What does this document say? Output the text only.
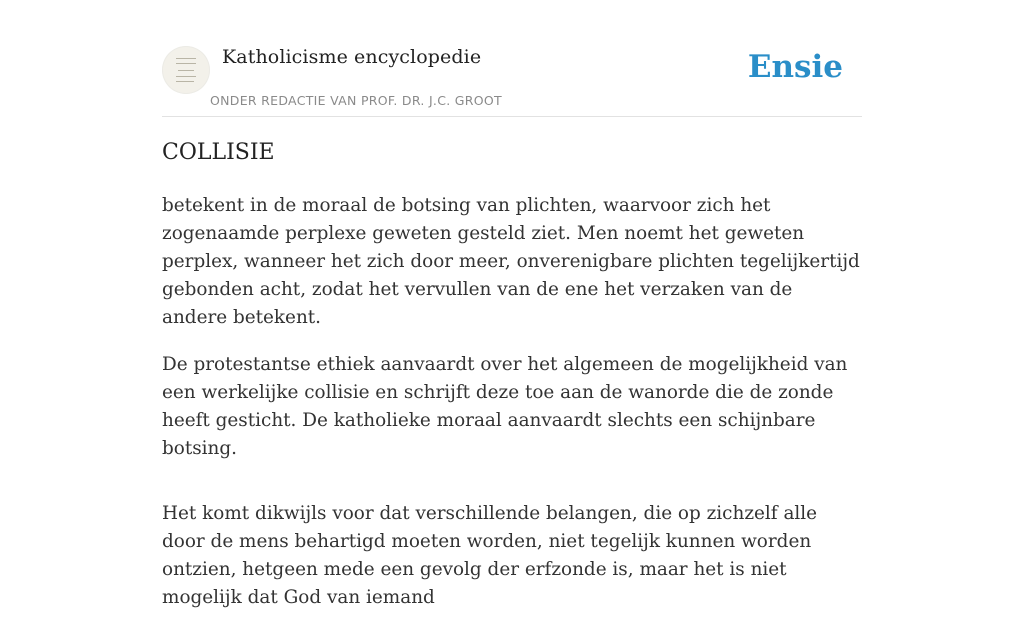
Katholicisme encyclopedie
ONDER REDACTIE VAN PROF. DR. J.C. GROOT
Ensie
COLLISIE

betekent in de moraal de botsing van plichten, waarvoor zich het zogenaamde perplexe geweten gesteld ziet. Men noemt het geweten perplex, wanneer het zich door meer, onverenigbare plichten tegelijkertijd gebonden acht, zodat het vervullen van de ene het verzaken van de andere betekent.

De protestantse ethiek aanvaardt over het algemeen de mogelijkheid van een werkelijke collisie en schrijft deze toe aan de wanorde die de zonde heeft gesticht. De katholieke moraal aanvaardt slechts een schijnbare botsing.

Het komt dikwijls voor dat verschillende belangen, die op zichzelf alle door de mens behartigd moeten worden, niet tegelijk kunnen worden ontzien, hetgeen mede een gevolg der erfzonde is, maar het is niet mogelijk dat God van iemand
